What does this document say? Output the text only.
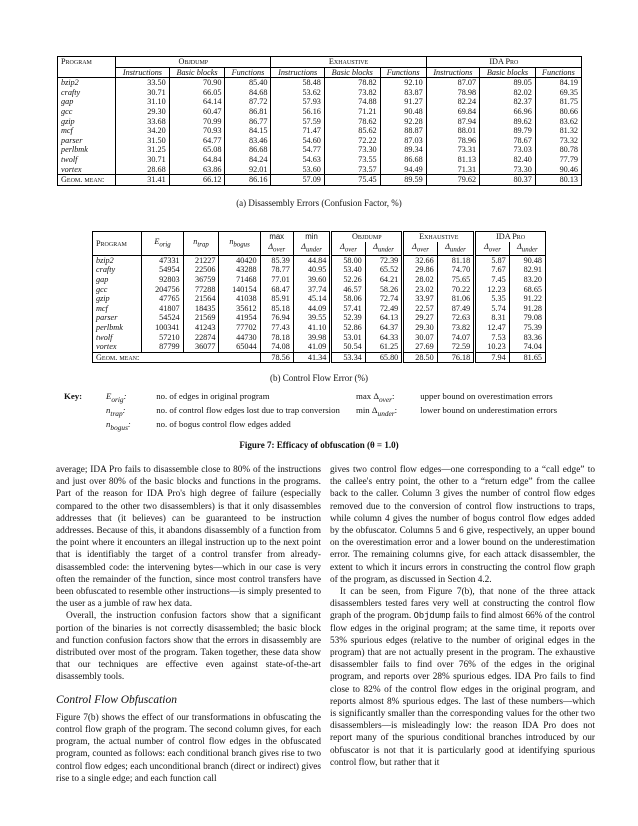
Program	Objdump			Exhaustive			IDA Pro		
	Instructions	Basic blocks	Functions	Instructions	Basic blocks	Functions	Instructions	Basic blocks	Functions
bzip2	33.50	70.90	85.40	58.48	78.82	92.10	87.07	89.05	84.19
crafty	30.71	66.05	84.68	53.62	73.82	83.87	78.98	82.02	69.35
gap	31.10	64.14	87.72	57.93	74.88	91.27	82.24	82.37	81.75
gcc	29.30	60.47	86.81	56.16	71.21	90.48	69.84	66.96	80.66
gzip	33.68	70.99	86.77	57.59	78.62	92.28	87.94	89.62	83.62
mcf	34.20	70.93	84.15	71.47	85.62	88.87	88.01	89.79	81.32
parser	31.50	64.77	83.46	54.60	72.22	87.03	78.96	78.67	73.32
perlbmk	31.25	65.08	86.68	54.77	73.30	89.34	73.31	73.03	80.78
twolf	30.71	64.84	84.24	54.63	73.55	86.68	81.13	82.40	77.79
vortex	28.68	63.86	92.01	53.60	73.57	94.49	71.31	73.30	90.46
Geom. mean:	31.41	66.12	86.16	57.09	75.45	89.59	79.62	80.37	80.13
(a) Disassembly Errors (Confusion Factor, %)
Program	$E_{orig}$	$n_{trap}$	$n_{bogus}$	max	min	Objdump		Exhaustive		IDA Pro	
				$\Delta_{over}$	$\Delta_{under}$	$\Delta_{over}$	$\Delta_{under}$	$\Delta_{over}$	$\Delta_{under}$	$\Delta_{over}$	$\Delta_{under}$
bzip2	47331	21227	40420	85.39	44.84	58.00	72.39	32.66	81.18	5.87	90.48
crafty	54954	22506	43288	78.77	40.95	53.40	65.52	29.86	74.70	7.67	82.91
gap	92803	36759	71468	77.01	39.60	52.26	64.21	28.02	75.65	7.45	83.20
gcc	204756	77288	140154	68.47	37.74	46.57	58.26	23.02	70.22	12.23	68.65
gzip	47765	21564	41038	85.91	45.14	58.06	72.74	33.97	81.06	5.35	91.22
mcf	41807	18435	35612	85.18	44.09	57.41	72.49	22.57	87.49	5.74	91.28
parser	54524	21569	41954	76.94	39.55	52.39	64.13	29.27	72.63	8.31	79.08
perlbmk	100341	41243	77702	77.43	41.10	52.86	64.37	29.30	73.82	12.47	75.39
twolf	57210	22874	44730	78.18	39.98	53.01	64.33	30.07	74.07	7.53	83.36
vortex	87799	36077	65044	74.08	41.09	50.54	61.25	27.69	72.59	10.23	74.04
Geom. mean:				78.56	41.34	53.34	65.80	28.50	76.18	7.94	81.65
(b) Control Flow Error (%)
Key:	$E_{orig}$:	no. of edges in original program
$n_{trap}$:	no. of control flow edges lost due to trap conversion
$n_{bogus}$:	no. of bogus control flow edges added
$\max \Delta_{over}$:	upper bound on overestimation errors
$\min \Delta_{under}$:	lower bound on underestimation errors
Figure 7: Efficacy of obfuscation (θ = 1.0)

average; IDA Pro fails to disassemble close to 80% of the instructions and just over 80% of the basic blocks and functions in the programs. Part of the reason for IDA Pro's high degree of failure (especially compared to the other two disassemblers) is that it only disassembles addresses that (it believes) can be guaranteed to be instruction addresses. Because of this, it abandons disassembly of a function from the point where it encounters an illegal instruction up to the next point that is identifiably the target of a control transfer from already-disassembled code: the intervening bytes—which in our case is very often the remainder of the function, since most control transfers have been obfuscated to resemble other instructions—is simply presented to the user as a jumble of raw hex data.

Overall, the instruction confusion factors show that a significant portion of the binaries is not correctly disassembled; the basic block and function confusion factors show that the errors in disassembly are distributed over most of the program. Taken together, these data show that our techniques are effective even against state-of-the-art disassembly tools.

Control Flow Obfuscation

Figure 7(b) shows the effect of our transformations in obfuscating the control flow graph of the program. The second column gives, for each program, the actual number of control flow edges in the obfuscated program, counted as follows: each conditional branch gives rise to two control flow edges; each unconditional branch (direct or indirect) gives rise to a single edge; and each function call

gives two control flow edges—one corresponding to a “call edge” to the callee's entry point, the other to a “return edge” from the callee back to the caller. Column 3 gives the number of control flow edges removed due to the conversion of control flow instructions to traps, while column 4 gives the number of bogus control flow edges added by the obfuscator. Columns 5 and 6 give, respectively, an upper bound on the overestimation error and a lower bound on the underestimation error. The remaining columns give, for each attack disassembler, the extent to which it incurs errors in constructing the control flow graph of the program, as discussed in Section 4.2.

It can be seen, from Figure 7(b), that none of the three attack disassemblers tested fares very well at constructing the control flow graph of the program. Objdump fails to find almost 66% of the control flow edges in the original program; at the same time, it reports over 53% spurious edges (relative to the number of original edges in the program) that are not actually present in the program. The exhaustive disassembler fails to find over 76% of the edges in the original program, and reports over 28% spurious edges. IDA Pro fails to find close to 82% of the control flow edges in the original program, and reports almost 8% spurious edges. The last of these numbers—which is significantly smaller than the corresponding values for the other two disassemblers—is misleadingly low: the reason IDA Pro does not report many of the spurious conditional branches introduced by our obfuscator is not that it is particularly good at identifying spurious control flow, but rather that it
